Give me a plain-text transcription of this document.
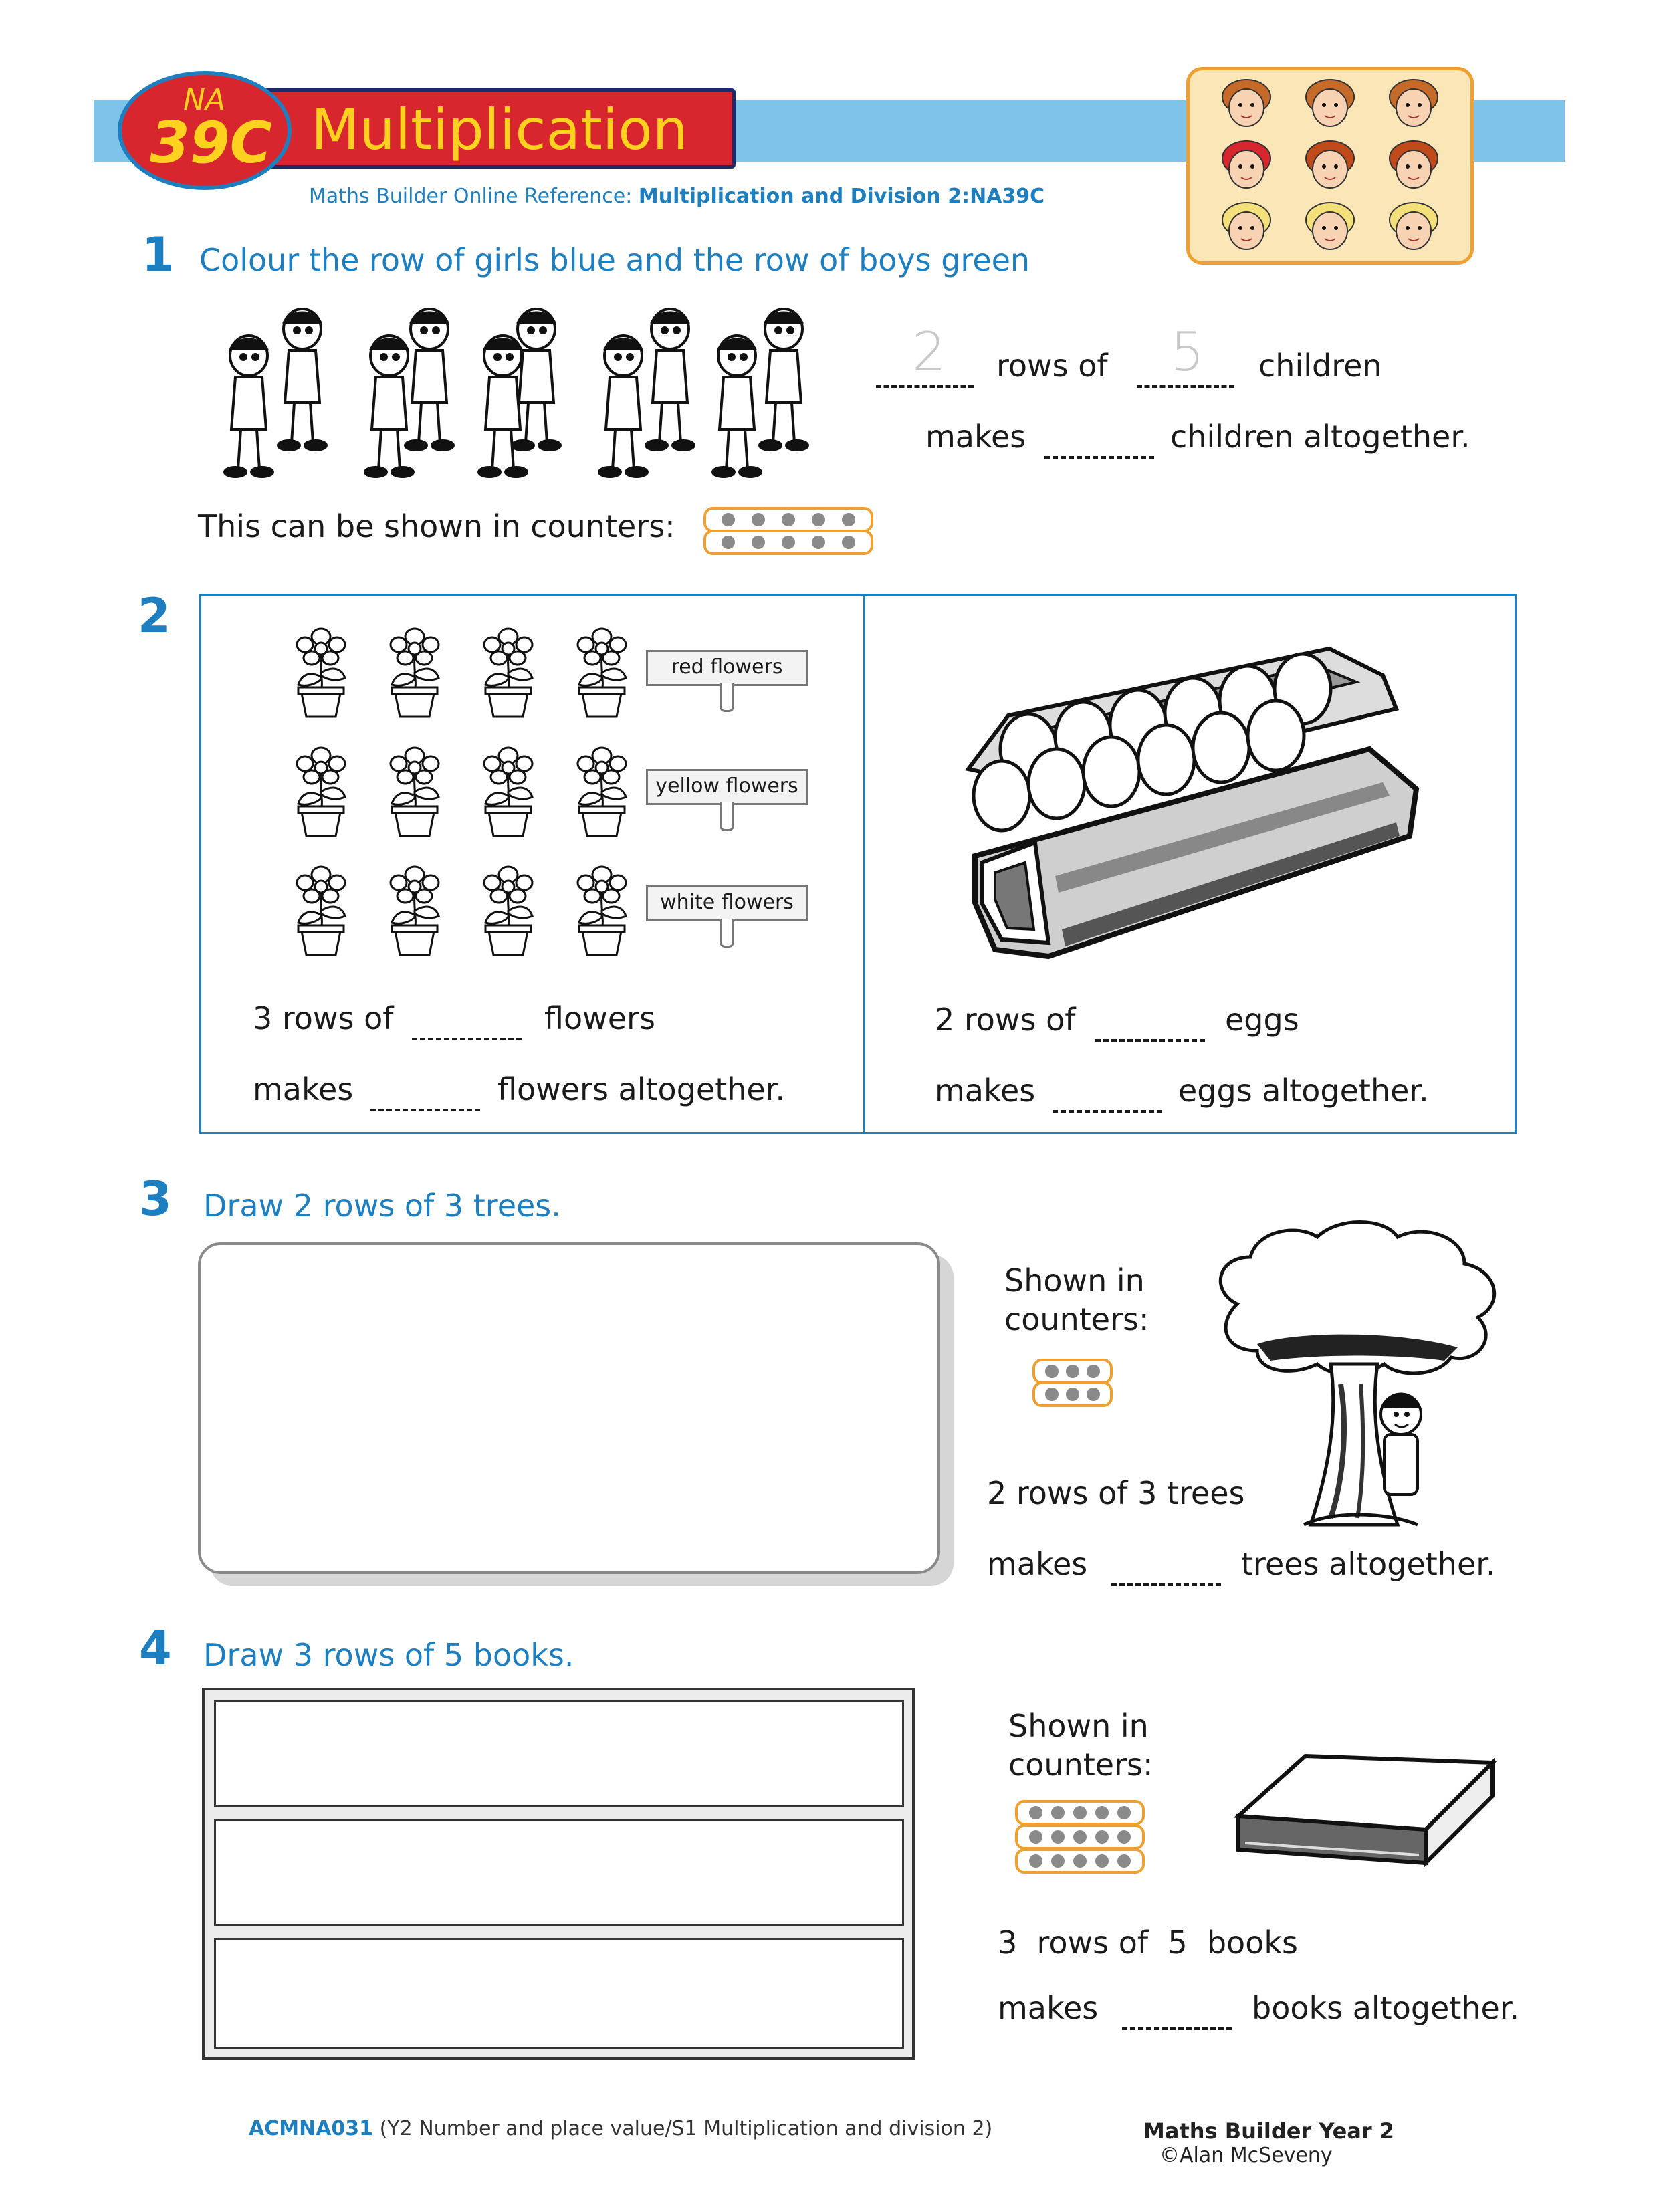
Multiplication
NA
39C
Maths Builder Online Reference: Multiplication and Division 2:NA39C
1 Colour the row of girls blue and the row of boys green
2 rows of 5 children
makes	children altogether.
This can be shown in counters:
2
red flowers
yellow flowers
white flowers
3 rows of	flowers
makes	flowers altogether.
2 rows of	eggs
makes	eggs altogether.
3 Draw 2 rows of 3 trees.
Shown in
counters:
2 rows of 3 trees
makes	trees altogether.
4 Draw 3 rows of 5 books.
Shown in
counters:
3  rows of  5  books
makes	books altogether.
ACMNA031 (Y2 Number and place value/S1 Multiplication and division 2)	Maths Builder Year 2
©Alan McSeveny
